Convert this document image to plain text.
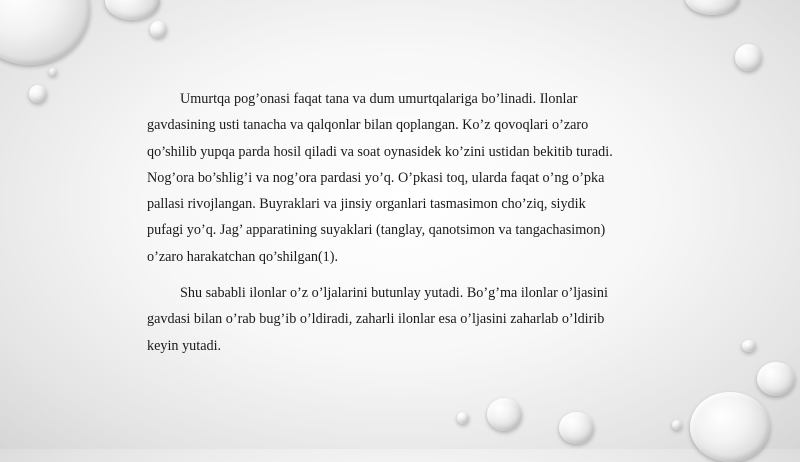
Umurtqa pog’onasi faqat tana va dum umurtqalariga bo’linadi. Ilonlar
gavdasining usti tanacha va qalqonlar bilan qoplangan. Ko’z qovoqlari o’zaro
qo’shilib yupqa parda hosil qiladi va soat oynasidek ko’zini ustidan bekitib turadi.
Nog’ora bo’shlig’i va nog’ora pardasi yo’q. O’pkasi toq, ularda faqat o’ng o’pka
pallasi rivojlangan. Buyraklari va jinsiy organlari tasmasimon cho’ziq, siydik
pufagi yo’q. Jag’ apparatining suyaklari (tanglay, qanotsimon va tangachasimon)
o’zaro harakatchan qo’shilgan(1).

Shu sababli ilonlar o’z o’ljalarini butunlay yutadi. Bo’g’ma ilonlar o’ljasini
gavdasi bilan o’rab bug’ib o’ldiradi, zaharli ilonlar esa o’ljasini zaharlab o’ldirib
keyin yutadi.
